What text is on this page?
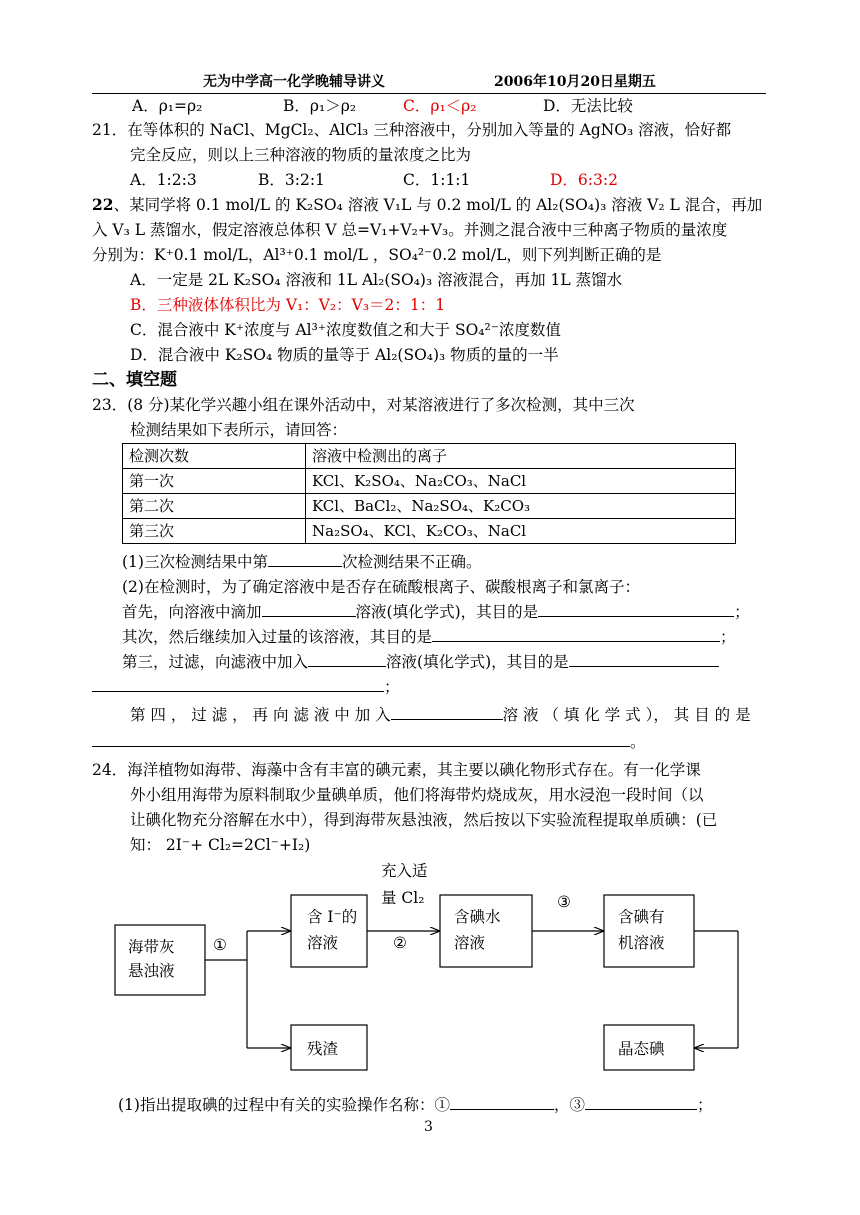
无为中学高一化学晚辅导讲义	2006年10月20日星期五
A．ρ₁=ρ₂	B．ρ₁＞ρ₂	C．ρ₁＜ρ₂	D．无法比较
21．在等体积的 NaCl、MgCl₂、AlCl₃ 三种溶液中，分别加入等量的 AgNO₃ 溶液，恰好都
完全反应，则以上三种溶液的物质的量浓度之比为
A．1:2:3	B．3:2:1	C．1:1:1	D．6:3:2
22、某同学将 0.1 mol/L 的 K₂SO₄ 溶液 V₁L 与 0.2 mol/L 的 Al₂(SO₄)₃ 溶液 V₂ L 混合，再加
入 V₃ L 蒸馏水，假定溶液总体积 V 总=V₁+V₂+V₃。并测之混合液中三种离子物质的量浓度
分别为：K⁺0.1 mol/L，Al³⁺0.1 mol/L ，SO₄²⁻0.2 mol/L，则下列判断正确的是
A．一定是 2L K₂SO₄ 溶液和 1L Al₂(SO₄)₃ 溶液混合，再加 1L 蒸馏水
B．三种液体体积比为 V₁：V₂：V₃＝2：1：1
C．混合液中 K⁺浓度与 Al³⁺浓度数值之和大于 SO₄²⁻浓度数值
D．混合液中 K₂SO₄ 物质的量等于 Al₂(SO₄)₃ 物质的量的一半
二、填空题
23．(8 分)某化学兴趣小组在课外活动中，对某溶液进行了多次检测，其中三次
检测结果如下表所示，请回答：
检测次数	溶液中检测出的离子
第一次	KCl、K₂SO₄、Na₂CO₃、NaCl
第二次	KCl、BaCl₂、Na₂SO₄、K₂CO₃
第三次	Na₂SO₄、KCl、K₂CO₃、NaCl
(1)三次检测结果中第	次检测结果不正确。
(2)在检测时，为了确定溶液中是否存在硫酸根离子、碳酸根离子和氯离子：
首先，向溶液中滴加	溶液(填化学式)，其目的是	；
其次，然后继续加入过量的该溶液，其目的是	；
第三，过滤，向滤液中加入	溶液(填化学式)，其目的是
；
第 四 ， 过 滤 ， 再 向 滤 液 中 加 入	溶 液 （ 填 化 学 式 ）， 其 目 的 是
。
24．海洋植物如海带、海藻中含有丰富的碘元素，其主要以碘化物形式存在。有一化学课
外小组用海带为原料制取少量碘单质，他们将海带灼烧成灰，用水浸泡一段时间（以
让碘化物充分溶解在水中），得到海带灰悬浊液，然后按以下实验流程提取单质碘：(已
知： 2I⁻+ Cl₂=2Cl⁻+I₂)
海带灰
悬浊液
含 I⁻的
溶液
含碘水
溶液
含碘有
机溶液
残渣	晶态碘
①	②
③
充入适
量 Cl₂
(1)指出提取碘的过程中有关的实验操作名称：①	，③	；
3
